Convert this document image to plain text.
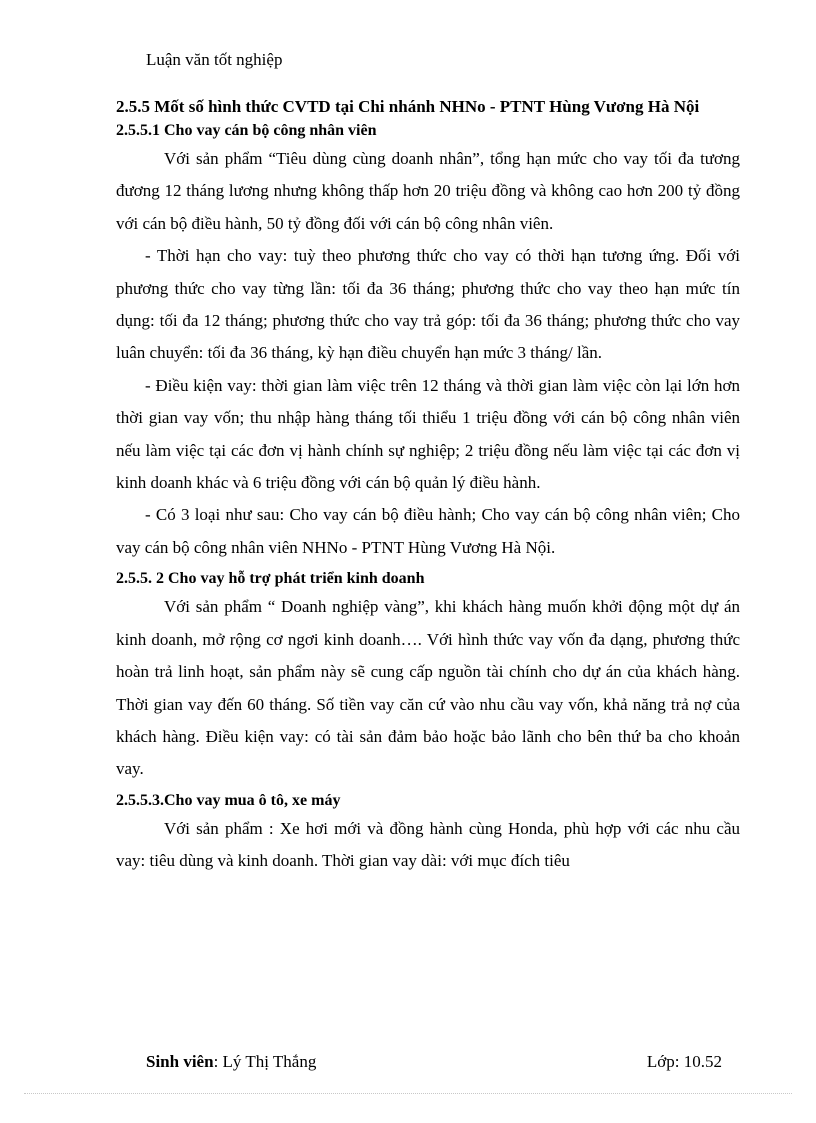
Luận văn tốt nghiệp

2.5.5 Mốt số hình thức CVTD tại Chi nhánh NHNo - PTNT Hùng Vương Hà Nội

2.5.5.1 Cho vay cán bộ công nhân viên

Với sản phẩm “Tiêu dùng cùng doanh nhân”, tổng hạn mức cho vay tối đa tương đương 12 tháng lương nhưng không thấp hơn 20 triệu đồng và không cao hơn 200 tỷ đồng với cán bộ điều hành, 50 tỷ đồng đối với cán bộ công nhân viên.

- Thời hạn cho vay: tuỳ theo phương thức cho vay có thời hạn tương ứng. Đối với phương thức cho vay từng lần: tối đa 36 tháng; phương thức cho vay theo hạn mức tín dụng: tối đa 12 tháng; phương thức cho vay trả góp: tối đa 36 tháng; phương thức cho vay luân chuyển: tối đa 36 tháng, kỳ hạn điều chuyển hạn mức 3 tháng/ lần.

- Điều kiện vay: thời gian làm việc trên 12 tháng và thời gian làm việc còn lại lớn hơn thời gian vay vốn; thu nhập hàng tháng tối thiểu 1 triệu đồng với cán bộ công nhân viên nếu làm việc tại các đơn vị hành chính sự nghiệp; 2 triệu đồng nếu làm việc tại các đơn vị kinh doanh khác và 6 triệu đồng với cán bộ quản lý điều hành.

- Có 3 loại như sau: Cho vay cán bộ điều hành; Cho vay cán bộ công nhân viên; Cho vay cán bộ công nhân viên NHNo - PTNT Hùng Vương Hà Nội.

2.5.5. 2 Cho vay hỗ trợ phát triển kinh doanh

Với sản phẩm “ Doanh nghiệp vàng”, khi khách hàng muốn khởi động một dự án kinh doanh, mở rộng cơ ngơi kinh doanh…. Với hình thức vay vốn đa dạng, phương thức hoàn trả linh hoạt, sản phẩm này sẽ cung cấp nguồn tài chính cho dự án của khách hàng. Thời gian vay đến 60 tháng. Số tiền vay căn cứ vào nhu cầu vay vốn, khả năng trả nợ của khách hàng. Điều kiện vay: có tài sản đảm bảo hoặc bảo lãnh cho bên thứ ba cho khoản vay.

2.5.5.3.Cho vay mua ô tô, xe máy

Với sản phẩm : Xe hơi mới và đồng hành cùng Honda, phù hợp với các nhu cầu vay: tiêu dùng và kinh doanh. Thời gian vay dài: với mục đích tiêu

Sinh viên: Lý Thị Thắng	Lớp: 10.52
